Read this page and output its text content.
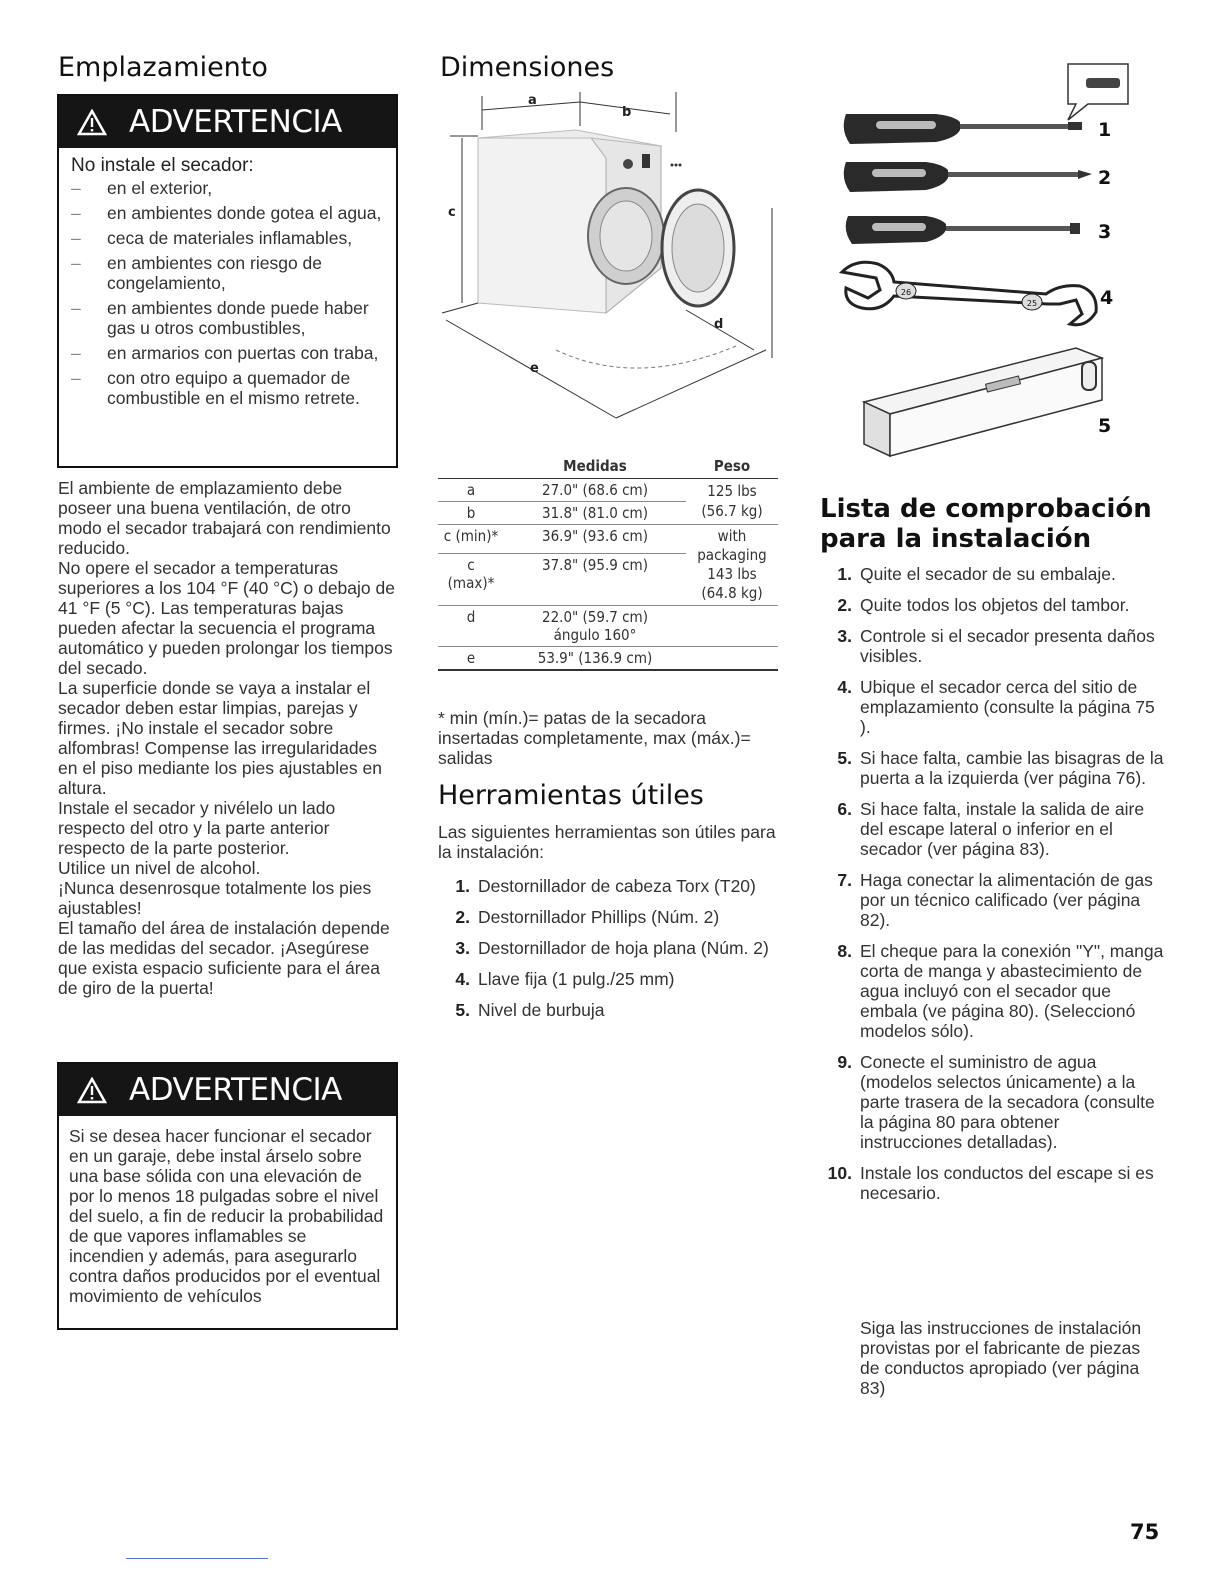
Emplazamiento
ADVERTENCIA
No instale el secador:
– en el exterior,
– en ambientes donde gotea el agua,
– ceca de materiales inflamables,
– en ambientes con riesgo de congelamiento,
– en ambientes donde puede haber gas u otros combustibles,
– en armarios con puertas con traba,
– con otro equipo a quemador de combustible en el mismo retrete.
El ambiente de emplazamiento debe poseer una buena ventilación, de otro modo el secador trabajará con rendimiento reducido.
No opere el secador a temperaturas superiores a los 104 °F (40 °C) o debajo de 41 °F (5 °C). Las temperaturas bajas pueden afectar la secuencia el programa automático y pueden prolongar los tiempos del secado.
La superficie donde se vaya a instalar el secador deben estar limpias, parejas y firmes. ¡No instale el secador sobre alfombras! Compense las irregularidades en el piso mediante los pies ajustables en altura.
Instale el secador y nivélelo un lado respecto del otro y la parte anterior respecto de la parte posterior.
Utilice un nivel de alcohol.
¡Nunca desenrosque totalmente los pies ajustables!
El tamaño del área de instalación depende de las medidas del secador. ¡Asegúrese que exista espacio suficiente para el área de giro de la puerta!
ADVERTENCIA
Si se desea hacer funcionar el secador en un garaje, debe instal árselo sobre una base sólida con una elevación de por lo menos 18 pulgadas sobre el nivel del suelo, a fin de reducir la probabilidad de que vapores inflamables se incendien y además, para asegurarlo contra daños producidos por el eventual movimiento de vehículos
Dimensiones
a
b
c
d
e
	Medidas	Peso
a	27.0" (68.6 cm)	125 lbs
(56.7 kg)

b	31.8" (81.0 cm)	
c (min)*	36.9" (93.6 cm)	with
packaging
143 lbs
(64.8 kg)

c
(max)*	37.8" (95.9 cm)	
d	22.0" (59.7 cm)
ángulo 160°	

e	53.9" (136.9 cm)	
* min (mín.)= patas de la secadora insertadas completamente, max (máx.)= salidas
Herramientas útiles
Las siguientes herramientas son útiles para la instalación:
1. Destornillador de cabeza Torx (T20)
2. Destornillador Phillips (Núm. 2)
3. Destornillador de hoja plana (Núm. 2)
4. Llave fija (1 pulg./25 mm)
5. Nivel de burbuja
26
25
1
2
3
4
5
Lista de comprobación
para la instalación
1. Quite el secador de su embalaje.
2. Quite todos los objetos del tambor.
3. Controle si el secador presenta daños visibles.
4. Ubique el secador cerca del sitio de emplazamiento (consulte la página 75 ).
5. Si hace falta, cambie las bisagras de la puerta a la izquierda (ver página 76).
6. Si hace falta, instale la salida de aire del escape lateral o inferior en el secador (ver página 83).
7. Haga conectar la alimentación de gas por un técnico calificado (ver página 82).
8. El cheque para la conexión "Y", manga corta de manga y abastecimiento de agua incluyó con el secador que embala (ve página 80). (Seleccionó modelos sólo).
9. Conecte el suministro de agua (modelos selectos únicamente) a la parte trasera de la secadora (consulte la página 80 para obtener instrucciones detalladas).
10. Instale los conductos del escape si es necesario.
Siga las instrucciones de instalación provistas por el fabricante de piezas de conductos apropiado (ver página 83)
75
